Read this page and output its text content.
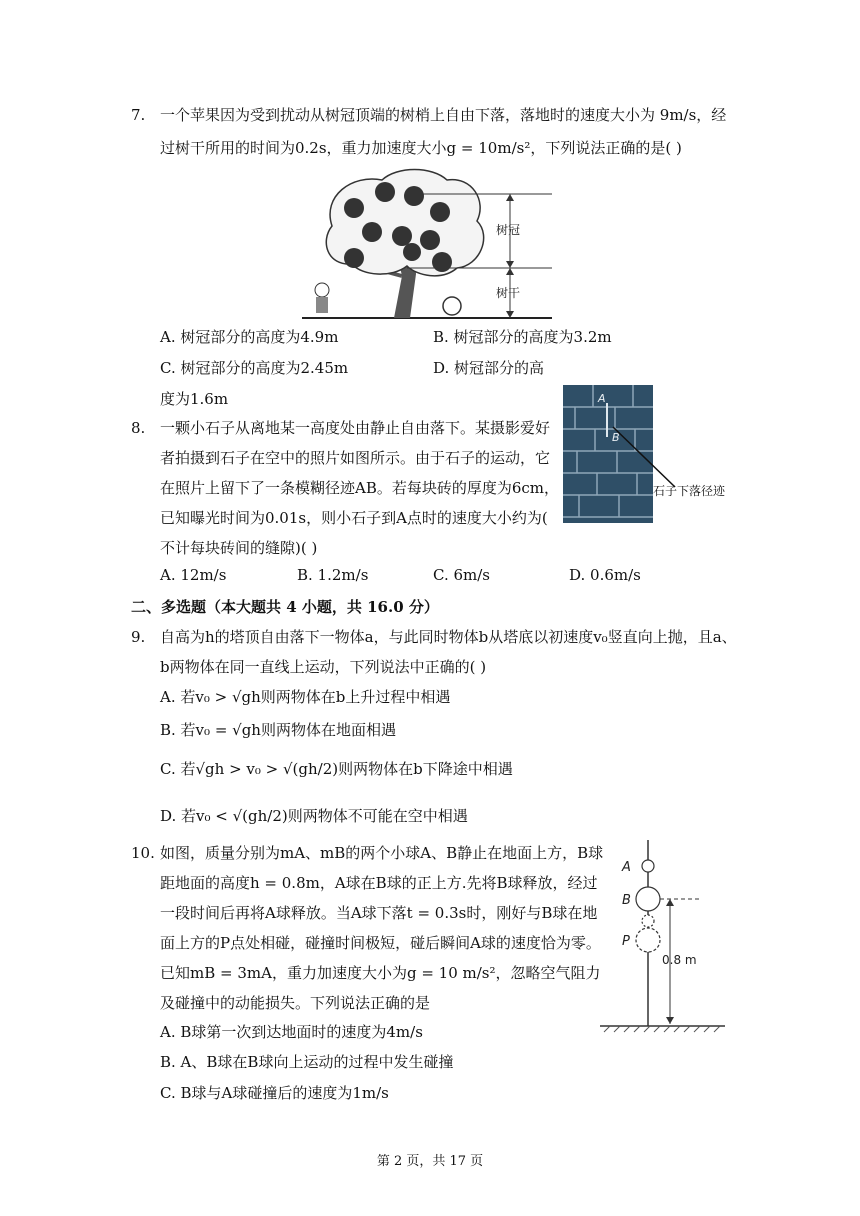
7. 一个苹果因为受到扰动从树冠顶端的树梢上自由下落，落地时的速度大小为 9m/s，经
过树干所用的时间为0.2s，重力加速度大小g = 10m/s²，下列说法正确的是( )
树冠
树干
A. 树冠部分的高度为4.9m	B. 树冠部分的高度为3.2m
C. 树冠部分的高度为2.45m	D. 树冠部分的高
度为1.6m
8. 一颗小石子从离地某一高度处由静止自由落下。某摄影爱好
者拍摄到石子在空中的照片如图所示。由于石子的运动，它
在照片上留下了一条模糊径迹AB。若每块砖的厚度为6cm，
已知曝光时间为0.01s，则小石子到A点时的速度大小约为(
不计每块砖间的缝隙)( )
A
B
石子下落径迹
A. 12m/s	B. 1.2m/s	C. 6m/s	D. 0.6m/s
二、多选题（本大题共 4 小题，共 16.0 分）
9. 自高为h的塔顶自由落下一物体a，与此同时物体b从塔底以初速度v₀竖直向上抛，且a、
b两物体在同一直线上运动，下列说法中正确的( )
A. 若v₀ > √gh则两物体在b上升过程中相遇
B. 若v₀ = √gh则两物体在地面相遇
C. 若√gh > v₀ > √(gh/2)则两物体在b下降途中相遇
D. 若v₀ < √(gh/2)则两物体不可能在空中相遇
10. 如图，质量分别为mA、mB的两个小球A、B静止在地面上方，B球
距地面的高度h = 0.8m，A球在B球的正上方.先将B球释放，经过
一段时间后再将A球释放。当A球下落t = 0.3s时，刚好与B球在地
面上方的P点处相碰，碰撞时间极短，碰后瞬间A球的速度恰为零。
已知mB = 3mA，重力加速度大小为g = 10 m/s²，忽略空气阻力
及碰撞中的动能损失。下列说法正确的是
A
B
P
0.8 m
A. B球第一次到达地面时的速度为4m/s
B. A、B球在B球向上运动的过程中发生碰撞
C. B球与A球碰撞后的速度为1m/s
第 2 页，共 17 页
